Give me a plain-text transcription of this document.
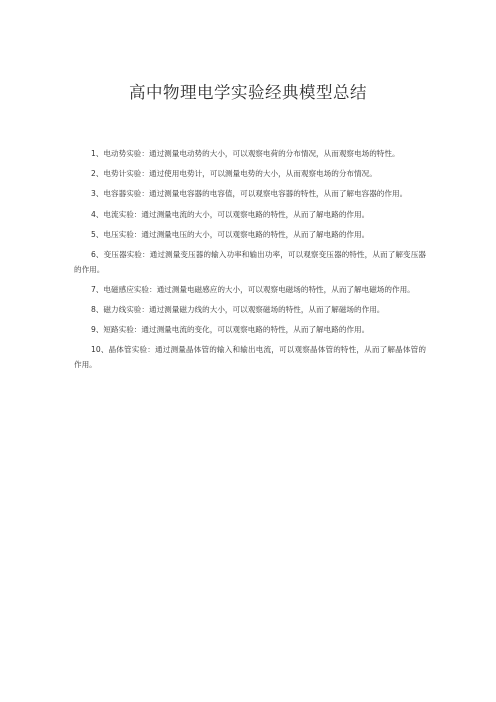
高中物理电学实验经典模型总结

1、电动势实验：通过测量电动势的大小，可以观察电荷的分布情况，从而观察电场的特性。

2、电势计实验：通过使用电势计，可以测量电势的大小，从而观察电场的分布情况。

3、电容器实验：通过测量电容器的电容值，可以观察电容器的特性，从而了解电容器的作用。

4、电流实验：通过测量电流的大小，可以观察电路的特性，从而了解电路的作用。

5、电压实验：通过测量电压的大小，可以观察电路的特性，从而了解电路的作用。

6、变压器实验：通过测量变压器的输入功率和输出功率，可以观察变压器的特性，从而了解变压器的作用。

7、电磁感应实验：通过测量电磁感应的大小，可以观察电磁场的特性，从而了解电磁场的作用。

8、磁力线实验：通过测量磁力线的大小，可以观察磁场的特性，从而了解磁场的作用。

9、短路实验：通过测量电流的变化，可以观察电路的特性，从而了解电路的作用。

10、晶体管实验：通过测量晶体管的输入和输出电流，可以观察晶体管的特性，从而了解晶体管的作用。
